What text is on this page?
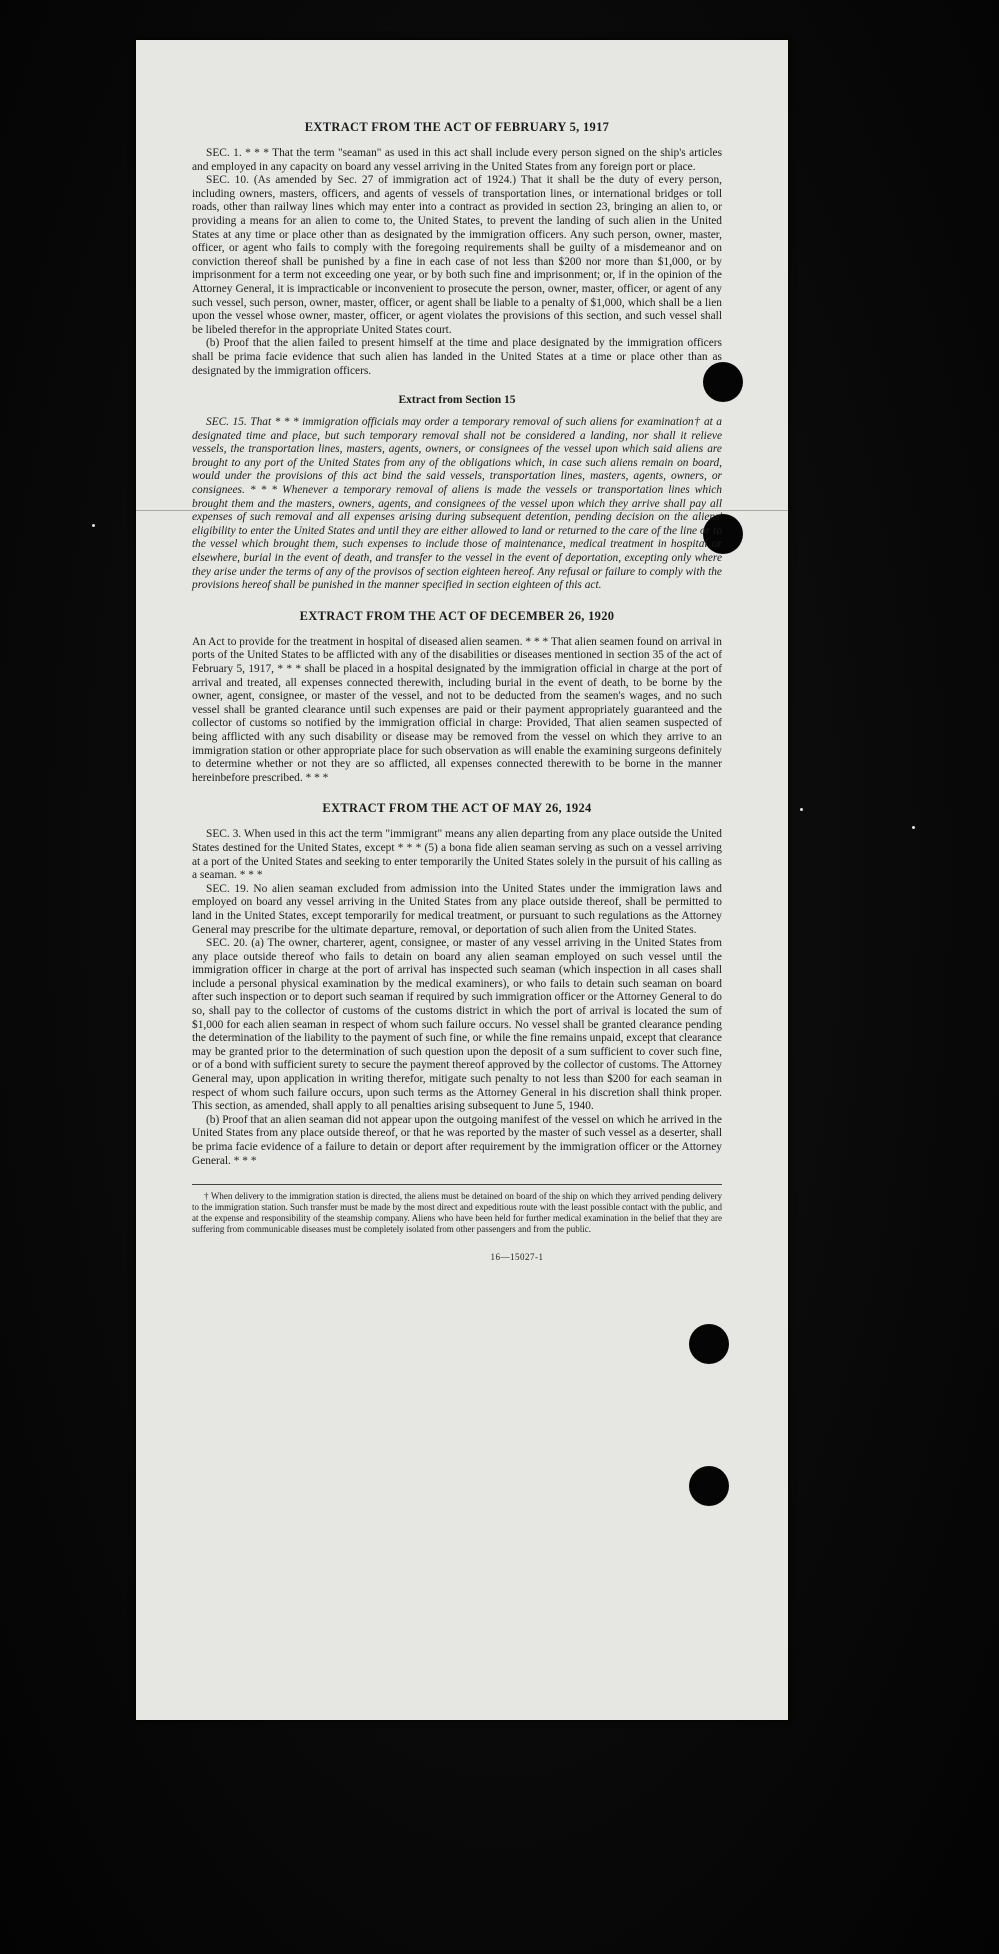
EXTRACT FROM THE ACT OF FEBRUARY 5, 1917

SEC. 1. * * * That the term "seaman" as used in this act shall include every person signed on the ship's articles and employed in any capacity on board any vessel arriving in the United States from any foreign port or place.

SEC. 10. (As amended by Sec. 27 of immigration act of 1924.) That it shall be the duty of every person, including owners, masters, officers, and agents of vessels of transportation lines, or international bridges or toll roads, other than railway lines which may enter into a contract as provided in section 23, bringing an alien to, or providing a means for an alien to come to, the United States, to prevent the landing of such alien in the United States at any time or place other than as designated by the immigration officers. Any such person, owner, master, officer, or agent who fails to comply with the foregoing requirements shall be guilty of a misdemeanor and on conviction thereof shall be punished by a fine in each case of not less than $200 nor more than $1,000, or by imprisonment for a term not exceeding one year, or by both such fine and imprisonment; or, if in the opinion of the Attorney General, it is impracticable or inconvenient to prosecute the person, owner, master, officer, or agent of any such vessel, such person, owner, master, officer, or agent shall be liable to a penalty of $1,000, which shall be a lien upon the vessel whose owner, master, officer, or agent violates the provisions of this section, and such vessel shall be libeled therefor in the appropriate United States court.

(b) Proof that the alien failed to present himself at the time and place designated by the immigration officers shall be prima facie evidence that such alien has landed in the United States at a time or place other than as designated by the immigration officers.

Extract from Section 15

SEC. 15. That * * * immigration officials may order a temporary removal of such aliens for examination† at a designated time and place, but such temporary removal shall not be considered a landing, nor shall it relieve vessels, the transportation lines, masters, agents, owners, or consignees of the vessel upon which said aliens are brought to any port of the United States from any of the obligations which, in case such aliens remain on board, would under the provisions of this act bind the said vessels, transportation lines, masters, agents, owners, or consignees. * * * Whenever a temporary removal of aliens is made the vessels or transportation lines which brought them and the masters, owners, agents, and consignees of the vessel upon which they arrive shall pay all expenses of such removal and all expenses arising during subsequent detention, pending decision on the aliens' eligibility to enter the United States and until they are either allowed to land or returned to the care of the line or to the vessel which brought them, such expenses to include those of maintenance, medical treatment in hospital or elsewhere, burial in the event of death, and transfer to the vessel in the event of deportation, excepting only where they arise under the terms of any of the provisos of section eighteen hereof. Any refusal or failure to comply with the provisions hereof shall be punished in the manner specified in section eighteen of this act.

EXTRACT FROM THE ACT OF DECEMBER 26, 1920

An Act to provide for the treatment in hospital of diseased alien seamen. * * * That alien seamen found on arrival in ports of the United States to be afflicted with any of the disabilities or diseases mentioned in section 35 of the act of February 5, 1917, * * * shall be placed in a hospital designated by the immigration official in charge at the port of arrival and treated, all expenses connected therewith, including burial in the event of death, to be borne by the owner, agent, consignee, or master of the vessel, and not to be deducted from the seamen's wages, and no such vessel shall be granted clearance until such expenses are paid or their payment appropriately guaranteed and the collector of customs so notified by the immigration official in charge: Provided, That alien seamen suspected of being afflicted with any such disability or disease may be removed from the vessel on which they arrive to an immigration station or other appropriate place for such observation as will enable the examining surgeons definitely to determine whether or not they are so afflicted, all expenses connected therewith to be borne in the manner hereinbefore prescribed. * * *

EXTRACT FROM THE ACT OF MAY 26, 1924

SEC. 3. When used in this act the term "immigrant" means any alien departing from any place outside the United States destined for the United States, except * * * (5) a bona fide alien seaman serving as such on a vessel arriving at a port of the United States and seeking to enter temporarily the United States solely in the pursuit of his calling as a seaman. * * *

SEC. 19. No alien seaman excluded from admission into the United States under the immigration laws and employed on board any vessel arriving in the United States from any place outside thereof, shall be permitted to land in the United States, except temporarily for medical treatment, or pursuant to such regulations as the Attorney General may prescribe for the ultimate departure, removal, or deportation of such alien from the United States.

SEC. 20. (a) The owner, charterer, agent, consignee, or master of any vessel arriving in the United States from any place outside thereof who fails to detain on board any alien seaman employed on such vessel until the immigration officer in charge at the port of arrival has inspected such seaman (which inspection in all cases shall include a personal physical examination by the medical examiners), or who fails to detain such seaman on board after such inspection or to deport such seaman if required by such immigration officer or the Attorney General to do so, shall pay to the collector of customs of the customs district in which the port of arrival is located the sum of $1,000 for each alien seaman in respect of whom such failure occurs. No vessel shall be granted clearance pending the determination of the liability to the payment of such fine, or while the fine remains unpaid, except that clearance may be granted prior to the determination of such question upon the deposit of a sum sufficient to cover such fine, or of a bond with sufficient surety to secure the payment thereof approved by the collector of customs. The Attorney General may, upon application in writing therefor, mitigate such penalty to not less than $200 for each seaman in respect of whom such failure occurs, upon such terms as the Attorney General in his discretion shall think proper. This section, as amended, shall apply to all penalties arising subsequent to June 5, 1940.

(b) Proof that an alien seaman did not appear upon the outgoing manifest of the vessel on which he arrived in the United States from any place outside thereof, or that he was reported by the master of such vessel as a deserter, shall be prima facie evidence of a failure to detain or deport after requirement by the immigration officer or the Attorney General. * * *

† When delivery to the immigration station is directed, the aliens must be detained on board of the ship on which they arrived pending delivery to the immigration station. Such transfer must be made by the most direct and expeditious route with the least possible contact with the public, and at the expense and responsibility of the steamship company. Aliens who have been held for further medical examination in the belief that they are suffering from communicable diseases must be completely isolated from other passengers and from the public.

16—15027-1
